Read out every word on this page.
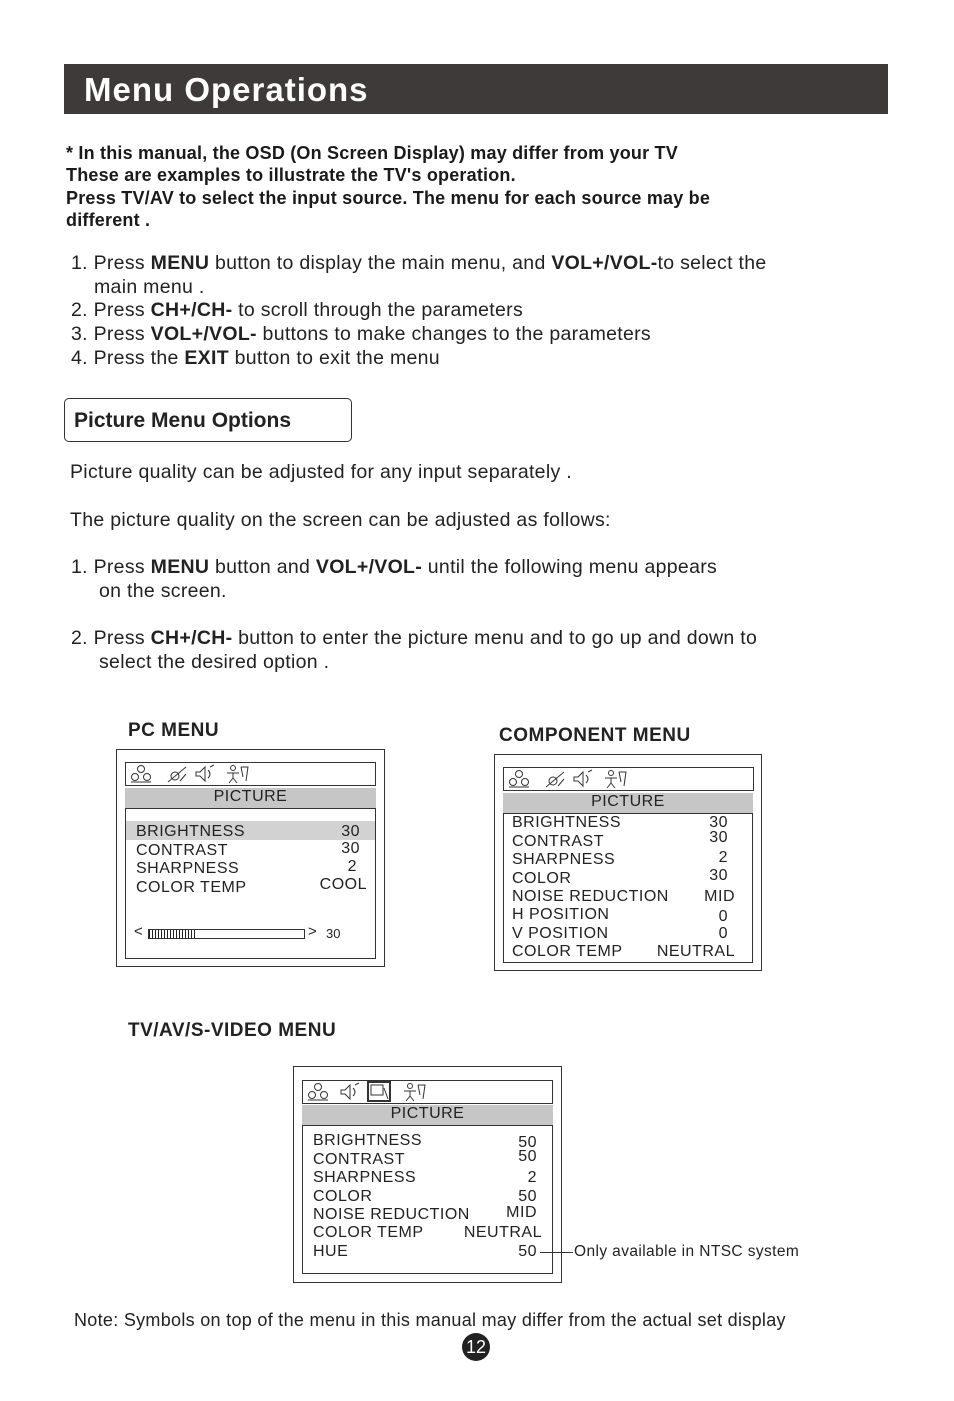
Menu Operations
* In this manual, the OSD (On Screen Display) may differ from your TV
These are examples to illustrate the TV's operation.
Press TV/AV to select the input source. The menu for each source may be
different .
1. Press MENU button to display the main menu, and VOL+/VOL-to select the
main menu .
2. Press CH+/CH- to scroll through the parameters
3. Press VOL+/VOL- buttons to make changes to the parameters
4. Press the EXIT button to exit the menu
Picture Menu Options
Picture quality can be adjusted for any input separately .
The picture quality on the screen can be adjusted as follows:
1. Press MENU button and VOL+/VOL- until the following menu appears
on the screen.
2. Press CH+/CH- button to enter the picture menu and to go up and down to
select the desired option .
PC MENU
PICTURE
BRIGHTNESS	30
CONTRAST	30
SHARPNESS	2
COLOR TEMP	COOL
<	> 30
COMPONENT MENU
PICTURE
BRIGHTNESS	30
CONTRAST	30
SHARPNESS	2
COLOR	30
NOISE REDUCTION MID
H POSITION	0
V POSITION	0
COLOR TEMP NEUTRAL
TV/AV/S-VIDEO MENU
PICTURE
BRIGHTNESS	50
CONTRAST	50
SHARPNESS	2
COLOR	50
NOISE REDUCTION MID
COLOR TEMP	NEUTRAL
HUE	50 Only available in NTSC system
Note: Symbols on top of the menu in this manual may differ from the actual set display
12
